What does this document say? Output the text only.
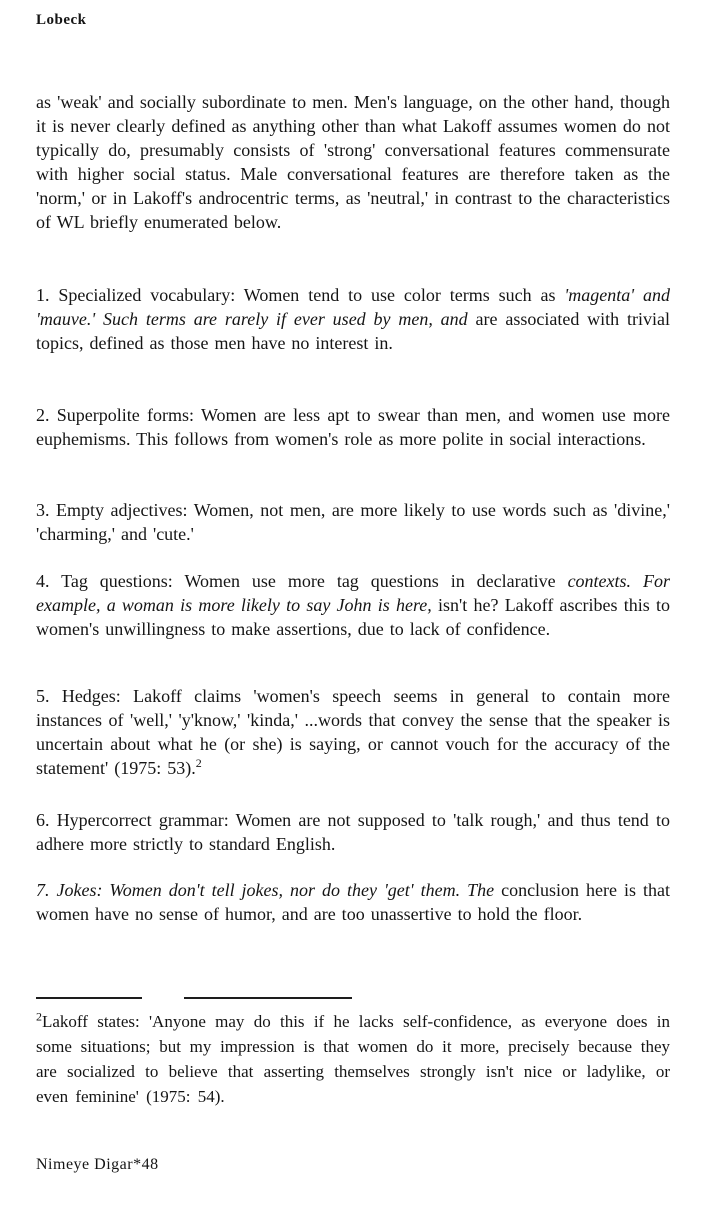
Lobeck
as 'weak' and socially subordinate to men. Men's language, on the other hand, though it is never clearly defined as anything other than what Lakoff assumes women do not typically do, presumably consists of 'strong' conversational features commensurate with higher social status. Male conversational features are therefore taken as the 'norm,' or in Lakoff's androcentric terms, as 'neutral,' in contrast to the characteristics of WL briefly enumerated below.
1. Specialized vocabulary: Women tend to use color terms such as 'magenta' and 'mauve.' Such terms are rarely if ever used by men, and are associated with trivial topics, defined as those men have no interest in.
2. Superpolite forms: Women are less apt to swear than men, and women use more euphemisms. This follows from women's role as more polite in social interactions.
3. Empty adjectives: Women, not men, are more likely to use words such as 'divine,' 'charming,' and 'cute.'
4. Tag questions: Women use more tag questions in declarative contexts. For example, a woman is more likely to say John is here, isn't he? Lakoff ascribes this to women's unwillingness to make assertions, due to lack of confidence.
5. Hedges: Lakoff claims 'women's speech seems in general to contain more instances of 'well,' 'y'know,' 'kinda,' ...words that convey the sense that the speaker is uncertain about what he (or she) is saying, or cannot vouch for the accuracy of the statement' (1975: 53).$^2$
6. Hypercorrect grammar: Women are not supposed to 'talk rough,' and thus tend to adhere more strictly to standard English.
7. Jokes: Women don't tell jokes, nor do they 'get' them. The conclusion here is that women have no sense of humor, and are too unassertive to hold the floor.
$^2$Lakoff states: 'Anyone may do this if he lacks self-confidence, as everyone does in some situations; but my impression is that women do it more, precisely because they are socialized to believe that asserting themselves strongly isn't nice or ladylike, or even feminine' (1975: 54).
Nimeye Digar*48
